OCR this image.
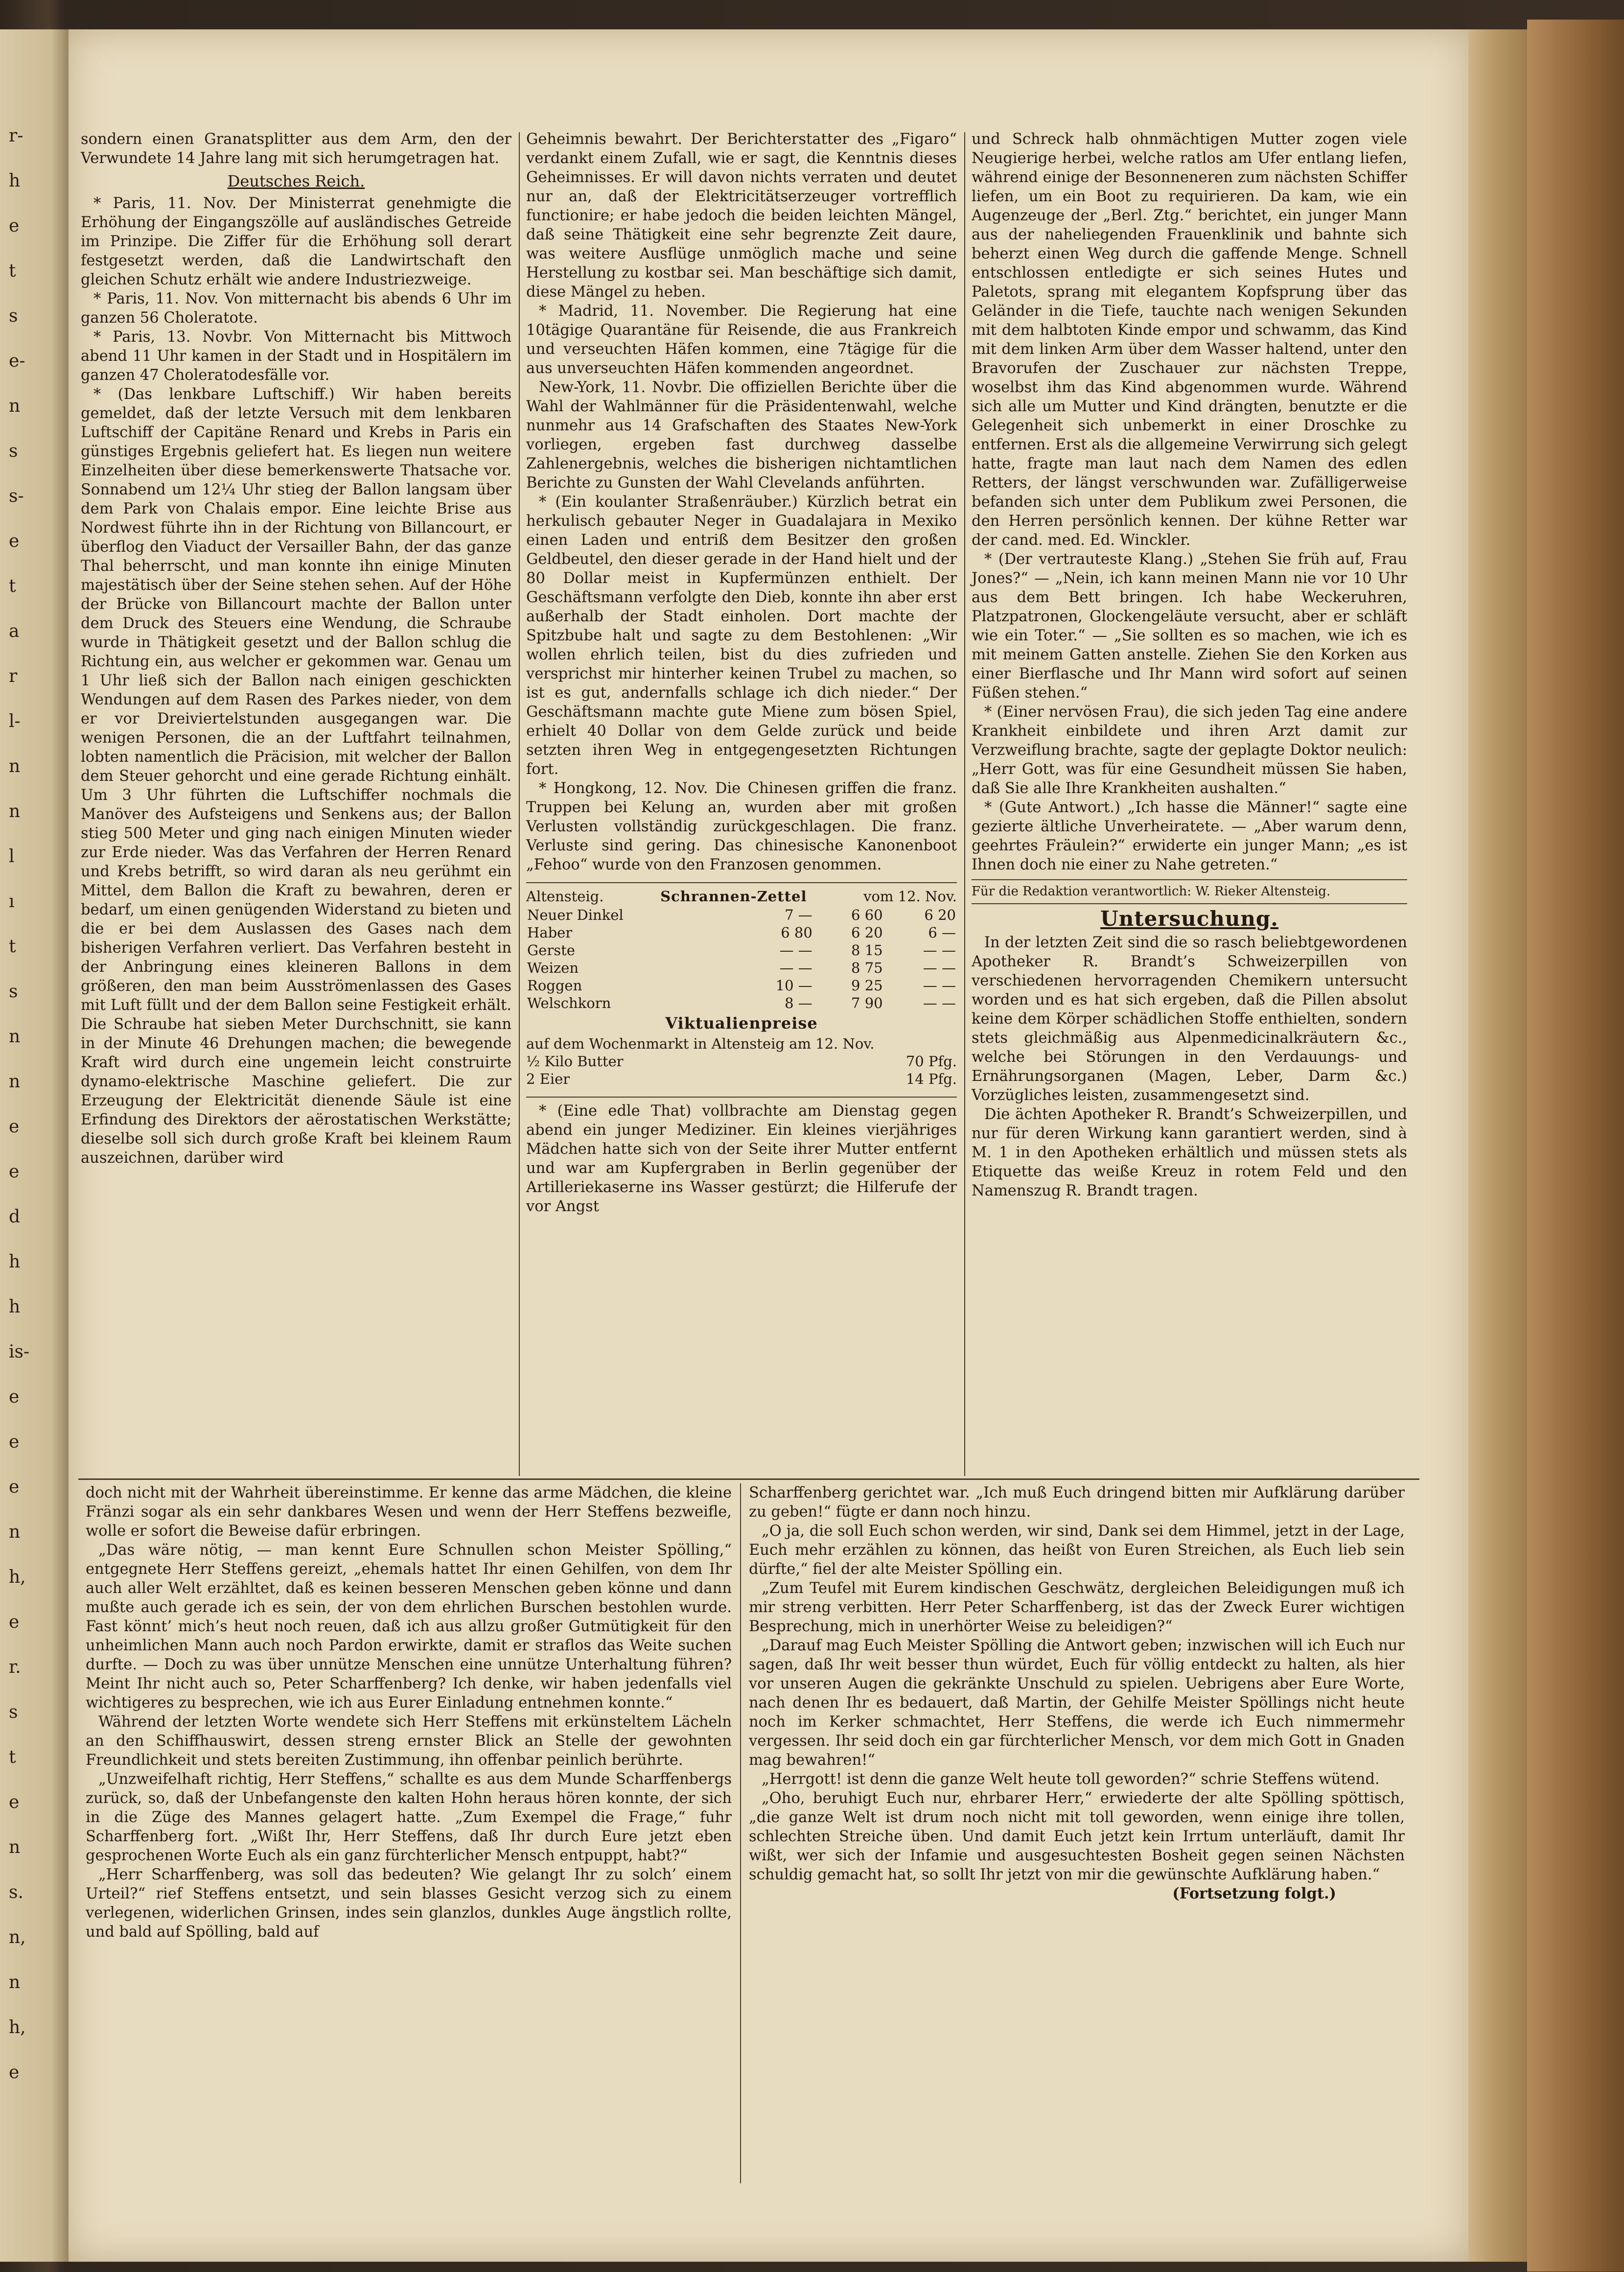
r-
h
e
t
s
e-
n
s
s-
e
t
a
r
l-
n
n
l
ı
t
s
n
n
e
e
d
h
h
is-
e
e
e
n
h,
e
r.
s
t
e
n
s.
n,
n
h,
e

sondern einen Granatsplitter aus dem Arm, den der Verwundete 14 Jahre lang mit sich herumgetragen hat.

Deutsches Reich.

* Paris, 11. Nov. Der Ministerrat genehmigte die Erhöhung der Eingangszölle auf ausländisches Getreide im Prinzipe. Die Ziffer für die Erhöhung soll derart festgesetzt werden, daß die Landwirtschaft den gleichen Schutz erhält wie andere Industriezweige.

* Paris, 11. Nov. Von mitternacht bis abends 6 Uhr im ganzen 56 Choleratote.

* Paris, 13. Novbr. Von Mitternacht bis Mittwoch abend 11 Uhr kamen in der Stadt und in Hospitälern im ganzen 47 Choleratodesfälle vor.

* (Das lenkbare Luftschiff.) Wir haben bereits gemeldet, daß der letzte Versuch mit dem lenkbaren Luftschiff der Capitäne Renard und Krebs in Paris ein günstiges Ergebnis geliefert hat. Es liegen nun weitere Einzelheiten über diese bemerkenswerte Thatsache vor. Sonnabend um 12¼ Uhr stieg der Ballon langsam über dem Park von Chalais empor. Eine leichte Brise aus Nordwest führte ihn in der Richtung von Billancourt, er überflog den Viaduct der Versailler Bahn, der das ganze Thal beherrscht, und man konnte ihn einige Minuten majestätisch über der Seine stehen sehen. Auf der Höhe der Brücke von Billancourt machte der Ballon unter dem Druck des Steuers eine Wendung, die Schraube wurde in Thätigkeit gesetzt und der Ballon schlug die Richtung ein, aus welcher er gekommen war. Genau um 1 Uhr ließ sich der Ballon nach einigen geschickten Wendungen auf dem Rasen des Parkes nieder, von dem er vor Dreiviertelstunden ausgegangen war. Die wenigen Personen, die an der Luftfahrt teilnahmen, lobten namentlich die Präcision, mit welcher der Ballon dem Steuer gehorcht und eine gerade Richtung einhält. Um 3 Uhr führten die Luftschiffer nochmals die Manöver des Aufsteigens und Senkens aus; der Ballon stieg 500 Meter und ging nach einigen Minuten wieder zur Erde nieder. Was das Verfahren der Herren Renard und Krebs betrifft, so wird daran als neu gerühmt ein Mittel, dem Ballon die Kraft zu bewahren, deren er bedarf, um einen genügenden Widerstand zu bieten und die er bei dem Auslassen des Gases nach dem bisherigen Verfahren verliert. Das Verfahren besteht in der Anbringung eines kleineren Ballons in dem größeren, den man beim Ausströmenlassen des Gases mit Luft füllt und der dem Ballon seine Festigkeit erhält. Die Schraube hat sieben Meter Durchschnitt, sie kann in der Minute 46 Drehungen machen; die bewegende Kraft wird durch eine ungemein leicht construirte dynamo-elektrische Maschine geliefert. Die zur Erzeugung der Elektricität dienende Säule ist eine Erfindung des Direktors der aërostatischen Werkstätte; dieselbe soll sich durch große Kraft bei kleinem Raum auszeichnen, darüber wird

Geheimnis bewahrt. Der Berichterstatter des „Figaro“ verdankt einem Zufall, wie er sagt, die Kenntnis dieses Geheimnisses. Er will davon nichts verraten und deutet nur an, daß der Elektricitätserzeuger vortrefflich functionire; er habe jedoch die beiden leichten Mängel, daß seine Thätigkeit eine sehr begrenzte Zeit daure, was weitere Ausflüge unmöglich mache und seine Herstellung zu kostbar sei. Man beschäftige sich damit, diese Mängel zu heben.

* Madrid, 11. November. Die Regierung hat eine 10tägige Quarantäne für Reisende, die aus Frankreich und verseuchten Häfen kommen, eine 7tägige für die aus unverseuchten Häfen kommenden angeordnet.

New-York, 11. Novbr. Die offiziellen Berichte über die Wahl der Wahlmänner für die Präsidentenwahl, welche nunmehr aus 14 Grafschaften des Staates New-York vorliegen, ergeben fast durchweg dasselbe Zahlenergebnis, welches die bisherigen nichtamtlichen Berichte zu Gunsten der Wahl Clevelands anführten.

* (Ein koulanter Straßenräuber.) Kürzlich betrat ein herkulisch gebauter Neger in Guadalajara in Mexiko einen Laden und entriß dem Besitzer den großen Geldbeutel, den dieser gerade in der Hand hielt und der 80 Dollar meist in Kupfermünzen enthielt. Der Geschäftsmann verfolgte den Dieb, konnte ihn aber erst außerhalb der Stadt einholen. Dort machte der Spitzbube halt und sagte zu dem Bestohlenen: „Wir wollen ehrlich teilen, bist du dies zufrieden und versprichst mir hinterher keinen Trubel zu machen, so ist es gut, andernfalls schlage ich dich nieder.“ Der Geschäftsmann machte gute Miene zum bösen Spiel, erhielt 40 Dollar von dem Gelde zurück und beide setzten ihren Weg in entgegengesetzten Richtungen fort.

* Hongkong, 12. Nov. Die Chinesen griffen die franz. Truppen bei Kelung an, wurden aber mit großen Verlusten vollständig zurückgeschlagen. Die franz. Verluste sind gering. Das chinesische Kanonenboot „Fehoo“ wurde von den Franzosen genommen.

Altensteig.	Schrannen-Zettel	vom 12. Nov.
Neuer Dinkel	7 —	6 60	6 20
Haber	6 80	6 20	6 —
Gerste	— —	8 15	— —
Weizen	— —	8 75	— —
Roggen	10 —	9 25	— —
Welschkorn	8 —	7 90	— —
Viktualienpreise
auf dem Wochenmarkt in Altensteig am 12. Nov.
½ Kilo Butter	70 Pfg.
2 Eier	14 Pfg.

* (Eine edle That) vollbrachte am Dienstag gegen abend ein junger Mediziner. Ein kleines vierjähriges Mädchen hatte sich von der Seite ihrer Mutter entfernt und war am Kupfergraben in Berlin gegenüber der Artilleriekaserne ins Wasser gestürzt; die Hilferufe der vor Angst

und Schreck halb ohnmächtigen Mutter zogen viele Neugierige herbei, welche ratlos am Ufer entlang liefen, während einige der Besonneneren zum nächsten Schiffer liefen, um ein Boot zu requirieren. Da kam, wie ein Augenzeuge der „Berl. Ztg.“ berichtet, ein junger Mann aus der naheliegenden Frauenklinik und bahnte sich beherzt einen Weg durch die gaffende Menge. Schnell entschlossen entledigte er sich seines Hutes und Paletots, sprang mit elegantem Kopfsprung über das Geländer in die Tiefe, tauchte nach wenigen Sekunden mit dem halbtoten Kinde empor und schwamm, das Kind mit dem linken Arm über dem Wasser haltend, unter den Bravorufen der Zuschauer zur nächsten Treppe, woselbst ihm das Kind abgenommen wurde. Während sich alle um Mutter und Kind drängten, benutzte er die Gelegenheit sich unbemerkt in einer Droschke zu entfernen. Erst als die allgemeine Verwirrung sich gelegt hatte, fragte man laut nach dem Namen des edlen Retters, der längst verschwunden war. Zufälligerweise befanden sich unter dem Publikum zwei Personen, die den Herren persönlich kennen. Der kühne Retter war der cand. med. Ed. Winckler.

* (Der vertrauteste Klang.) „Stehen Sie früh auf, Frau Jones?“ — „Nein, ich kann meinen Mann nie vor 10 Uhr aus dem Bett bringen. Ich habe Weckeruhren, Platzpatronen, Glockengeläute versucht, aber er schläft wie ein Toter.“ — „Sie sollten es so machen, wie ich es mit meinem Gatten anstelle. Ziehen Sie den Korken aus einer Bierflasche und Ihr Mann wird sofort auf seinen Füßen stehen.“

* (Einer nervösen Frau), die sich jeden Tag eine andere Krankheit einbildete und ihren Arzt damit zur Verzweiflung brachte, sagte der geplagte Doktor neulich: „Herr Gott, was für eine Gesundheit müssen Sie haben, daß Sie alle Ihre Krankheiten aushalten.“

* (Gute Antwort.) „Ich hasse die Männer!“ sagte eine gezierte ältliche Unverheiratete. — „Aber warum denn, geehrtes Fräulein?“ erwiderte ein junger Mann; „es ist Ihnen doch nie einer zu Nahe getreten.“

Für die Redaktion verantwortlich: W. Rieker Altensteig.
Untersuchung.

In der letzten Zeit sind die so rasch beliebtgewordenen Apotheker R. Brandt’s Schweizerpillen von verschiedenen hervorragenden Chemikern untersucht worden und es hat sich ergeben, daß die Pillen absolut keine dem Körper schädlichen Stoffe enthielten, sondern stets gleichmäßig aus Alpenmedicinalkräutern &c., welche bei Störungen in den Verdauungs- und Ernährungsorganen (Magen, Leber, Darm &c.) Vorzügliches leisten, zusammengesetzt sind.

Die ächten Apotheker R. Brandt’s Schweizerpillen, und nur für deren Wirkung kann garantiert werden, sind à M. 1 in den Apotheken erhältlich und müssen stets als Etiquette das weiße Kreuz in rotem Feld und den Namenszug R. Brandt tragen.

doch nicht mit der Wahrheit übereinstimme. Er kenne das arme Mädchen, die kleine Fränzi sogar als ein sehr dankbares Wesen und wenn der Herr Steffens bezweifle, wolle er sofort die Beweise dafür erbringen.

„Das wäre nötig, — man kennt Eure Schnullen schon Meister Spölling,“ entgegnete Herr Steffens gereizt, „ehemals hattet Ihr einen Gehilfen, von dem Ihr auch aller Welt erzähltet, daß es keinen besseren Menschen geben könne und dann mußte auch gerade ich es sein, der von dem ehrlichen Burschen bestohlen wurde. Fast könnt’ mich’s heut noch reuen, daß ich aus allzu großer Gutmütigkeit für den unheimlichen Mann auch noch Pardon erwirkte, damit er straflos das Weite suchen durfte. — Doch zu was über unnütze Menschen eine unnütze Unterhaltung führen? Meint Ihr nicht auch so, Peter Scharffenberg? Ich denke, wir haben jedenfalls viel wichtigeres zu besprechen, wie ich aus Eurer Einladung entnehmen konnte.“

Während der letzten Worte wendete sich Herr Steffens mit erkünsteltem Lächeln an den Schiffhauswirt, dessen streng ernster Blick an Stelle der gewohnten Freundlichkeit und stets bereiten Zustimmung, ihn offenbar peinlich berührte.

„Unzweifelhaft richtig, Herr Steffens,“ schallte es aus dem Munde Scharffenbergs zurück, so, daß der Unbefangenste den kalten Hohn heraus hören konnte, der sich in die Züge des Mannes gelagert hatte. „Zum Exempel die Frage,“ fuhr Scharffenberg fort. „Wißt Ihr, Herr Steffens, daß Ihr durch Eure jetzt eben gesprochenen Worte Euch als ein ganz fürchterlicher Mensch entpuppt, habt?“

„Herr Scharffenberg, was soll das bedeuten? Wie gelangt Ihr zu solch’ einem Urteil?“ rief Steffens entsetzt, und sein blasses Gesicht verzog sich zu einem verlegenen, widerlichen Grinsen, indes sein glanzlos, dunkles Auge ängstlich rollte, und bald auf Spölling, bald auf

Scharffenberg gerichtet war. „Ich muß Euch dringend bitten mir Aufklärung darüber zu geben!“ fügte er dann noch hinzu.

„O ja, die soll Euch schon werden, wir sind, Dank sei dem Himmel, jetzt in der Lage, Euch mehr erzählen zu können, das heißt von Euren Streichen, als Euch lieb sein dürfte,“ fiel der alte Meister Spölling ein.

„Zum Teufel mit Eurem kindischen Geschwätz, dergleichen Beleidigungen muß ich mir streng verbitten. Herr Peter Scharffenberg, ist das der Zweck Eurer wichtigen Besprechung, mich in unerhörter Weise zu beleidigen?“

„Darauf mag Euch Meister Spölling die Antwort geben; inzwischen will ich Euch nur sagen, daß Ihr weit besser thun würdet, Euch für völlig entdeckt zu halten, als hier vor unseren Augen die gekränkte Unschuld zu spielen. Uebrigens aber Eure Worte, nach denen Ihr es bedauert, daß Martin, der Gehilfe Meister Spöllings nicht heute noch im Kerker schmachtet, Herr Steffens, die werde ich Euch nimmermehr vergessen. Ihr seid doch ein gar fürchterlicher Mensch, vor dem mich Gott in Gnaden mag bewahren!“

„Herrgott! ist denn die ganze Welt heute toll geworden?“ schrie Steffens wütend.

„Oho, beruhigt Euch nur, ehrbarer Herr,“ erwiederte der alte Spölling spöttisch, „die ganze Welt ist drum noch nicht mit toll geworden, wenn einige ihre tollen, schlechten Streiche üben. Und damit Euch jetzt kein Irrtum unterläuft, damit Ihr wißt, wer sich der Infamie und ausgesuchtesten Bosheit gegen seinen Nächsten schuldig gemacht hat, so sollt Ihr jetzt von mir die gewünschte Aufklärung haben.“

(Fortsetzung folgt.)
